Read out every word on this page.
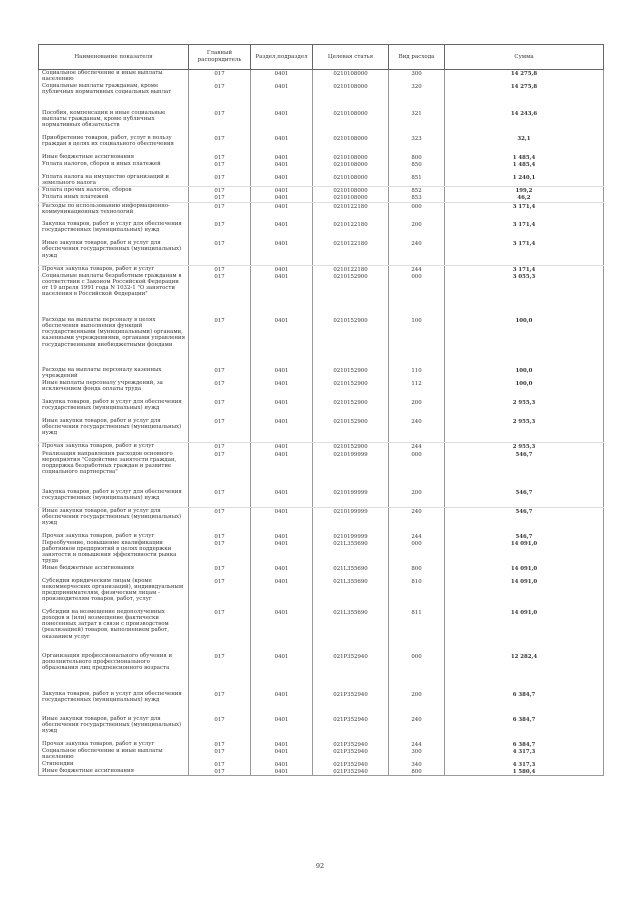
Наименование показателя	Главный распорядитель	Раздел,подраздел	Целевая статья	Вид расхода	Сумма
Социальное обеспечение и иные выплаты населению	017	0401	0210108000	300	14 275,8
Социальные выплаты гражданам, кроме публичных нормативных социальных выплат	017	0401	0210108000	320	14 275,8
Пособия, компенсации и иные социальные выплаты гражданам, кроме публичных нормативных обязательств	017	0401	0210108000	321	14 243,6
Приобретение товаров, работ, услуг в пользу граждан в целях их социального обеспечения	017	0401	0210108000	323	32,1
Иные бюджетные ассигнования	017	0401	0210108000	800	1 485,4
Уплата налогов, сборов и иных платежей	017	0401	0210108000	850	1 485,4
Уплата налога на имущество организаций и земельного налога	017	0401	0210108000	851	1 240,1
Уплата прочих налогов, сборов	017	0401	0210108000	852	199,2
Уплата иных платежей	017	0401	0210108000	853	46,2
Расходы по использованию информационно-коммуникационных технологий	017	0401	0210122180	000	3 171,4
Закупка товаров, работ и услуг для обеспечения государственных (муниципальных) нужд	017	0401	0210122180	200	3 171,4
Иные закупки товаров, работ и услуг для обеспечения государственных (муниципальных) нужд	017	0401	0210122180	240	3 171,4
Прочая закупка товаров, работ и услуг	017	0401	0210122180	244	3 171,4
Социальные выплаты безработным гражданам в соответствии с Законом Российской Федерации от 19 апреля 1991 года N 1032-1 "О занятости населения в Российской Федерации"	017	0401	0210152900	000	3 055,3
Расходы на выплаты персоналу в целях обеспечения выполнения функций государственными (муниципальными) органами, казенными учреждениями, органами управления государственными внебюджетными фондами	017	0401	0210152900	100	100,0
Расходы на выплаты персоналу казенных учреждений	017	0401	0210152900	110	100,0
Иные выплаты персоналу учреждений, за исключением фонда оплаты труда	017	0401	0210152900	112	100,0
Закупка товаров, работ и услуг для обеспечения государственных (муниципальных) нужд	017	0401	0210152900	200	2 955,3
Иные закупки товаров, работ и услуг для обеспечения государственных (муниципальных) нужд	017	0401	0210152900	240	2 955,3
Прочая закупка товаров, работ и услуг	017	0401	0210152900	244	2 955,3
Реализация направления расходов основного мероприятия "Содействие занятости граждан, поддержка безработных граждан и развитие социального партнерства"	017	0401	0210199999	000	546,7
Закупка товаров, работ и услуг для обеспечения государственных (муниципальных) нужд	017	0401	0210199999	200	546,7
Иные закупки товаров, работ и услуг для обеспечения государственных (муниципальных) нужд	017	0401	0210199999	240	546,7
Прочая закупка товаров, работ и услуг	017	0401	0210199999	244	546,7
Переобучение, повышение квалификации работников предприятий в целях поддержки занятости и повышения эффективности рынка труда	017	0401	021L355690	000	14 091,0
Иные бюджетные ассигнования	017	0401	021L355690	800	14 091,0
Субсидии юридическим лицам (кроме некоммерческих организаций), индивидуальным предпринимателям, физическим лицам - производителям товаров, работ, услуг	017	0401	021L355690	810	14 091,0
Субсидии на возмещение недополученных доходов и (или) возмещение фактически понесенных затрат в связи с производством (реализацией) товаров, выполнением работ, оказанием услуг	017	0401	021L355690	811	14 091,0
Организация профессионального обучения и дополнительного профессионального образования лиц предпенсионного возраста	017	0401	021P352940	000	12 282,4
Закупка товаров, работ и услуг для обеспечения государственных (муниципальных) нужд	017	0401	021P352940	200	6 384,7
Иные закупки товаров, работ и услуг для обеспечения государственных (муниципальных) нужд	017	0401	021P352940	240	6 384,7
Прочая закупка товаров, работ и услуг	017	0401	021P352940	244	6 384,7
Социальное обеспечение и иные выплаты населению	017	0401	021P352940	300	4 317,3
Стипендии	017	0401	021P352940	340	4 317,3
Иные бюджетные ассигнования	017	0401	021P352940	800	1 580,4
92
